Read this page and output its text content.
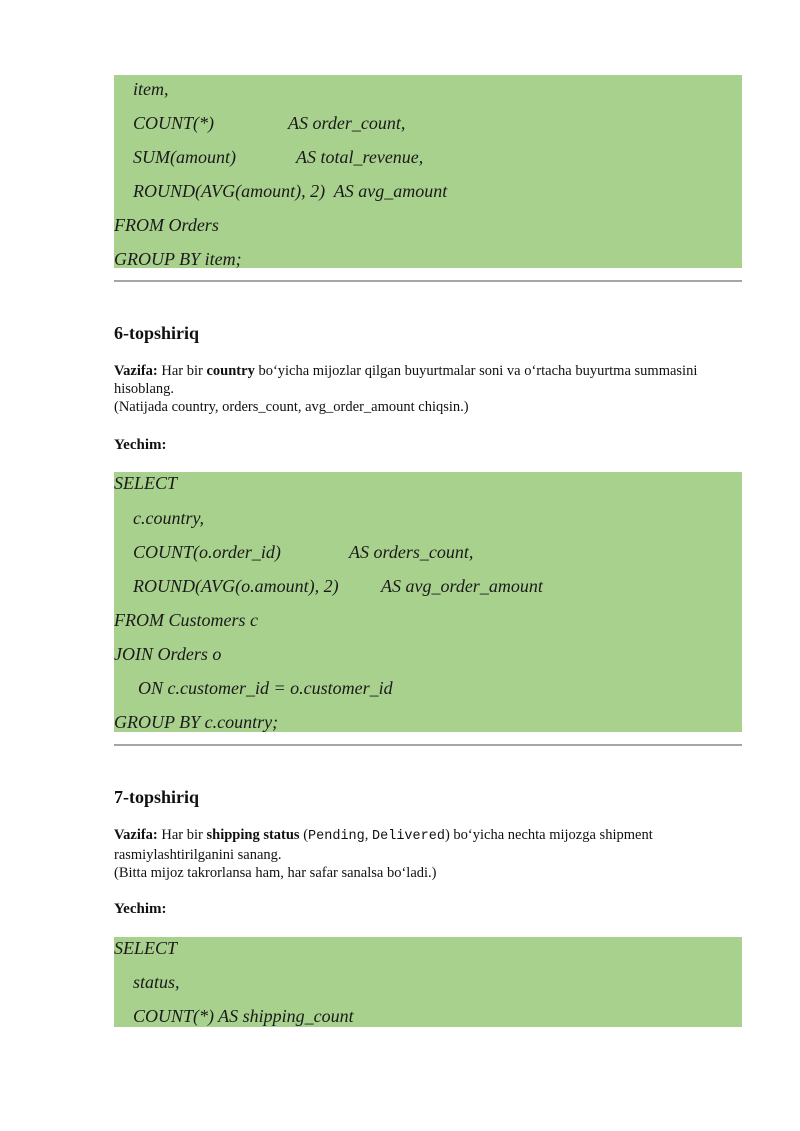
item,
COUNT(*)	AS order_count,
SUM(amount)	AS total_revenue,
ROUND(AVG(amount), 2)  AS avg_amount
FROM Orders
GROUP BY item;
6-topshiriq
Vazifa: Har bir country bo‘yicha mijozlar qilgan buyurtmalar soni va o‘rtacha buyurtma summasini hisoblang.
(Natijada country, orders_count, avg_order_amount chiqsin.)
Yechim:
SELECT
c.country,
COUNT(o.order_id)	AS orders_count,
ROUND(AVG(o.amount), 2) AS avg_order_amount
FROM Customers c
JOIN Orders o
ON c.customer_id = o.customer_id
GROUP BY c.country;
7-topshiriq
Vazifa: Har bir shipping status (Pending, Delivered) bo‘yicha nechta mijozga shipment rasmiylashtirilganini sanang.
(Bitta mijoz takrorlansa ham, har safar sanalsa bo‘ladi.)
Yechim:
SELECT
status,
COUNT(*) AS shipping_count
